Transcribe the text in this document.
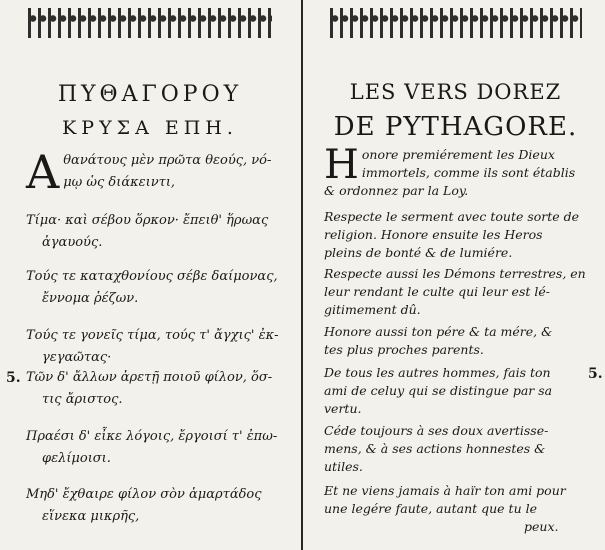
ΠΥΘΑΓΟΡΟΥ
ΚΡΥΣΑ ΕΠΗ.
Α θανάτους μὲν πρῶτα θεούς, νό-
μῳ ὡς διάκειντι,
Τίμα· καὶ σέβου ὅρκον· ἔπειθ' ἥρωας

ἀγαυούς.
Τούς τε καταχθονίους σέβε δαίμονας,

ἔννομα ῥέζων.
Τούς τε γονεῖς τίμα, τούς τ' ἄγχις' ἐκ-

γεγαῶτας·
5. Τῶν δ' ἄλλων ἀρετῇ ποιοῦ φίλον, ὅσ-

τις ἄριστος.
Πραέσι δ' εἶκε λόγοις, ἔργοισί τ' ἐπω-

φελίμοισι.
Μηδ' ἔχθαιρε φίλον σὸν ἁμαρτάδος

εἵνεκα μικρῆς,
LES VERS DOREZ
DE PYTHAGORE.
H onore premiérement les Dieux
immortels, comme ils sont établis
& ordonnez par la Loy.
Respecte le serment avec toute sorte de
religion. Honore ensuite les Heros
pleins de bonté & de lumiére.
Respecte aussi les Démons terrestres, en
leur rendant le culte qui leur est lé-
gitimement dû.
Honore aussi ton pére & ta mére, &
tes plus proches parents.
De tous les autres hommes, fais ton
ami de celuy qui se distingue par sa
vertu.
5.
Céde toujours à ses doux avertisse-
mens, & à ses actions honnestes &
utiles.
Et ne viens jamais à haïr ton ami pour
une legére faute, autant que tu le
peux.
